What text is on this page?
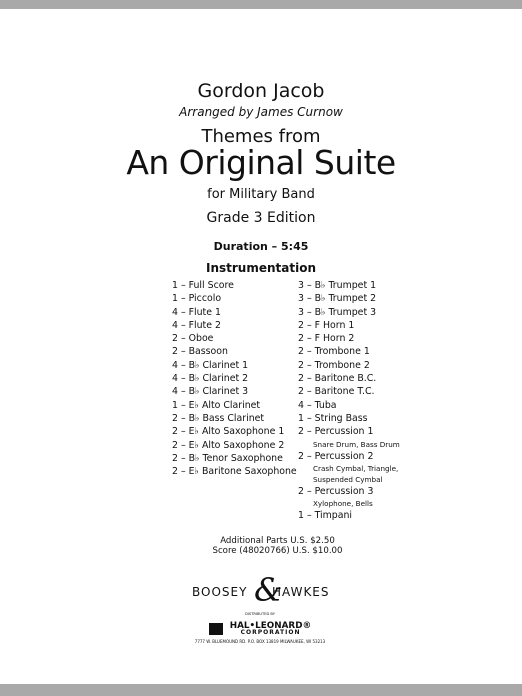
Gordon Jacob
Arranged by James Curnow
Themes from
An Original Suite
for Military Band
Grade 3 Edition
Duration – 5:45
Instrumentation
1 – Full Score
1 – Piccolo
4 – Flute 1
4 – Flute 2
2 – Oboe
2 – Bassoon
4 – B♭ Clarinet 1
4 – B♭ Clarinet 2
4 – B♭ Clarinet 3
1 – E♭ Alto Clarinet
2 – B♭ Bass Clarinet
2 – E♭ Alto Saxophone 1
2 – E♭ Alto Saxophone 2
2 – B♭ Tenor Saxophone
2 – E♭ Baritone Saxophone
3 – B♭ Trumpet 1
3 – B♭ Trumpet 2
3 – B♭ Trumpet 3
2 – F Horn 1
2 – F Horn 2
2 – Trombone 1
2 – Trombone 2
2 – Baritone B.C.
2 – Baritone T.C.
4 – Tuba
1 – String Bass
2 – Percussion 1
Snare Drum, Bass Drum
2 – Percussion 2
Crash Cymbal, Triangle,
Suspended Cymbal
2 – Percussion 3
Xylophone, Bells
1 – Timpani
Additional Parts U.S. $2.50
Score (48020766) U.S. $10.00
BOOSEY &
HAWKES
DISTRIBUTED BY
HAL•LEONARD®
CORPORATION
7777 W. BLUEMOUND RD. P.O. BOX 13819 MILWAUKEE, WI 53213
